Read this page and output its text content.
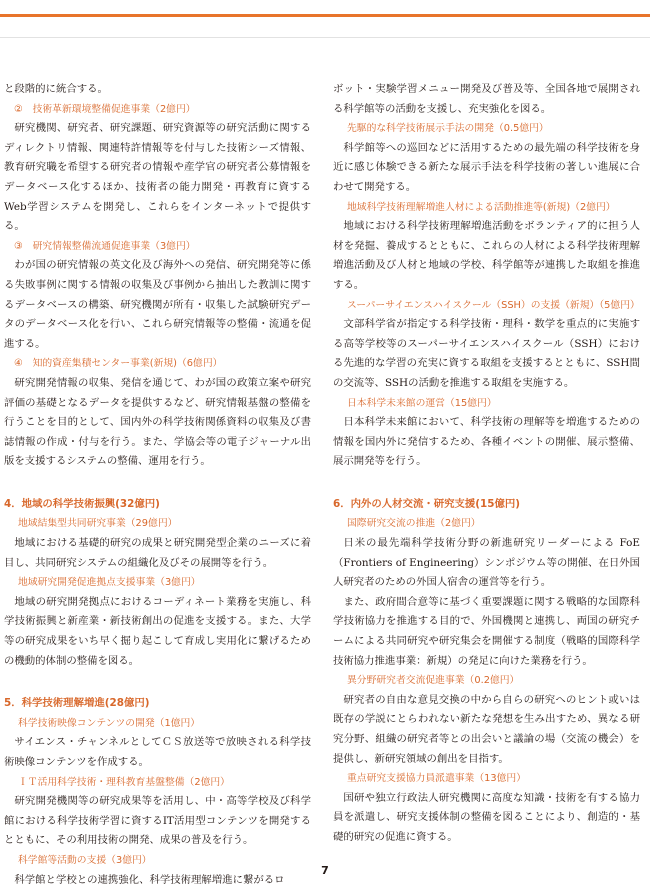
と段階的に統合する。

②　技術革新環境整備促進事業（2億円）

研究機関、研究者、研究課題、研究資源等の研究活動に関するディレクトリ情報、関連特許情報等を付与した技術シーズ情報、教育研究職を希望する研究者の情報や産学官の研究者公募情報をデータベース化するほか、技術者の能力開発・再教育に資するWeb学習システムを開発し、これらをインターネットで提供する。

③　研究情報整備流通促進事業（3億円）

わが国の研究情報の英文化及び海外への発信、研究開発等に係る失敗事例に関する情報の収集及び事例から抽出した教訓に関するデータベースの構築、研究機関が所有・収集した試験研究データのデータベース化を行い、これら研究情報等の整備・流通を促進する。

④　知的資産集積センター事業(新規)（6億円）

研究開発情報の収集、発信を通じて、わが国の政策立案や研究評価の基礎となるデータを提供するなど、研究情報基盤の整備を行うことを目的として、国内外の科学技術関係資料の収集及び書誌情報の作成・付与を行う。また、学協会等の電子ジャーナル出版を支援するシステムの整備、運用を行う。

4．地域の科学技術振興(32億円)
地域結集型共同研究事業（29億円）

地域における基礎的研究の成果と研究開発型企業のニーズに着目し、共同研究システムの組織化及びその展開等を行う。

地域研究開発促進拠点支援事業（3億円）

地域の研究開発拠点におけるコーディネート業務を実施し、科学技術振興と新産業・新技術創出の促進を支援する。また、大学等の研究成果をいち早く掘り起こして育成し実用化に繋げるための機動的体制の整備を図る。

5．科学技術理解増進(28億円)
科学技術映像コンテンツの開発（1億円）

サイエンス・チャンネルとしてＣＳ放送等で放映される科学技術映像コンテンツを作成する。

ＩＴ活用科学技術・理科教育基盤整備（2億円）

研究開発機関等の研究成果等を活用し、中・高等学校及び科学館における科学技術学習に資するIT活用型コンテンツを開発するとともに、その利用技術の開発、成果の普及を行う。

科学館等活動の支援（3億円）

科学館と学校との連携強化、科学技術理解増進に繋がるロ

ボット・実験学習メニュー開発及び普及等、全国各地で展開される科学館等の活動を支援し、充実強化を図る。

先駆的な科学技術展示手法の開発（0.5億円）

科学館等への巡回などに活用するための最先端の科学技術を身近に感じ体験できる新たな展示手法を科学技術の著しい進展に合わせて開発する。

地域科学技術理解増進人材による活動推進等(新規)（2億円）

地域における科学技術理解増進活動をボランティア的に担う人材を発掘、養成するとともに、これらの人材による科学技術理解増進活動及び人材と地域の学校、科学館等が連携した取組を推進する。

スーパーサイエンスハイスクール（SSH）の支援（新規）（5億円）

文部科学省が指定する科学技術・理科・数学を重点的に実施する高等学校等のスーパーサイエンスハイスクール（SSH）における先進的な学習の充実に資する取組を支援するとともに、SSH間の交流等、SSHの活動を推進する取組を実施する。

日本科学未来館の運営（15億円）

日本科学未来館において、科学技術の理解等を増進するための情報を国内外に発信するため、各種イベントの開催、展示整備、展示開発等を行う。

6．内外の人材交流・研究支援(15億円)
国際研究交流の推進（2億円）

日米の最先端科学技術分野の新進研究リーダーによる FoE（Frontiers of Engineering）シンポジウム等の開催、在日外国人研究者のための外国人宿舎の運営等を行う。

また、政府間合意等に基づく重要課題に関する戦略的な国際科学技術協力を推進する目的で、外国機関と連携し、両国の研究チームによる共同研究や研究集会を開催する制度（戦略的国際科学技術協力推進事業：新規）の発足に向けた業務を行う。

異分野研究者交流促進事業（0.2億円）

研究者の自由な意見交換の中から自らの研究へのヒント或いは既存の学説にとらわれない新たな発想を生み出すため、異なる研究分野、組織の研究者等との出会いと議論の場（交流の機会）を提供し、新研究領域の創出を目指す。

重点研究支援協力員派遣事業（13億円）

国研や独立行政法人研究機関に高度な知識・技術を有する協力員を派遣し、研究支援体制の整備を図ることにより、創造的・基礎的研究の促進に資する。

7
